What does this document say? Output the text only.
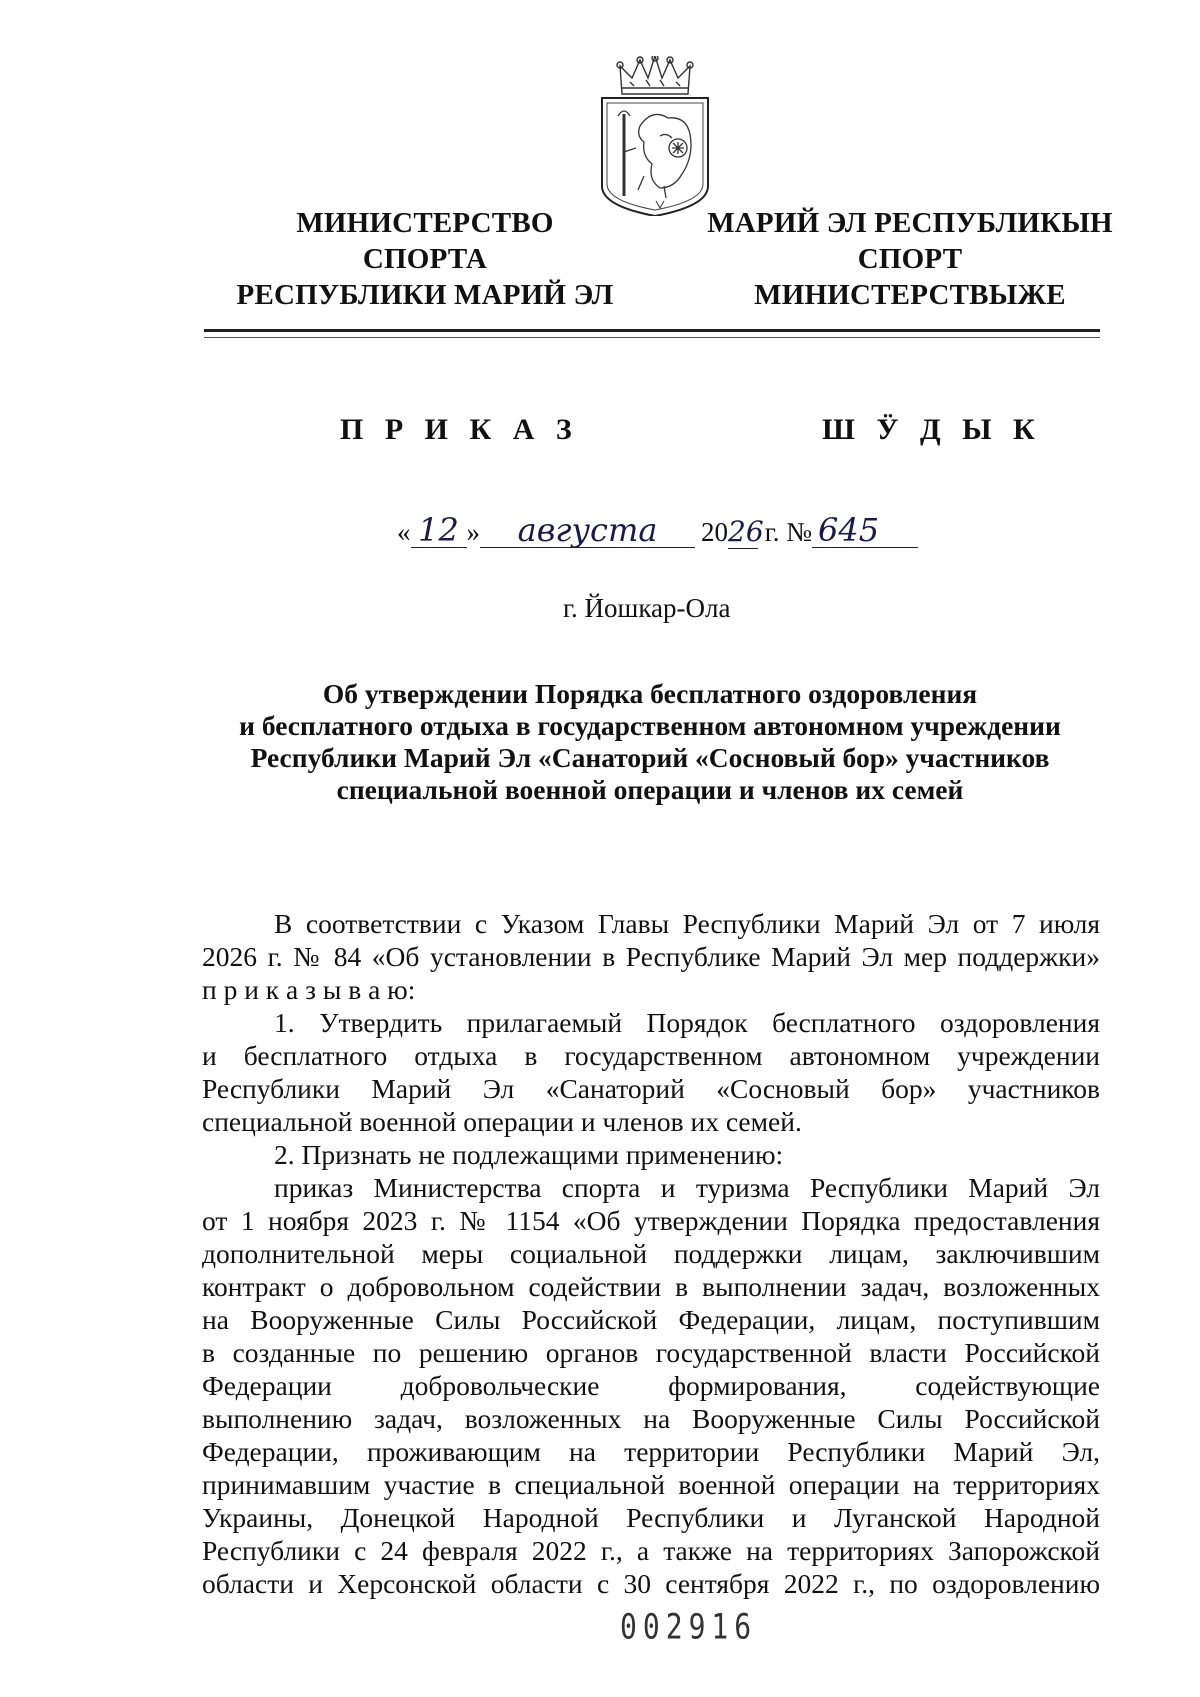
МИНИСТЕРСТВО
СПОРТА
РЕСПУБЛИКИ МАРИЙ ЭЛ
МАРИЙ ЭЛ РЕСПУБЛИКЫН
СПОРТ
МИНИСТЕРСТВЫЖЕ
П Р И К А З	Ш Ӱ Д Ы К
« 12 » августа 2026 г. № 645
г. Йошкар-Ола
Об утверждении Порядка бесплатного оздоровления
и бесплатного отдыха в государственном автономном учреждении
Республики Марий Эл «Санаторий «Сосновый бор» участников
специальной военной операции и членов их семей
В соответствии с Указом Главы Республики Марий Эл от 7 июля
2026 г. № 84 «Об установлении в Республике Марий Эл мер поддержки»
п р и к а з ы в а ю:
1. Утвердить прилагаемый Порядок бесплатного оздоровления
и бесплатного отдыха в государственном автономном учреждении
Республики Марий Эл «Санаторий «Сосновый бор» участников
специальной военной операции и членов их семей.
2. Признать не подлежащими применению:
приказ Министерства спорта и туризма Республики Марий Эл
от 1 ноября 2023 г. № 1154 «Об утверждении Порядка предоставления
дополнительной меры социальной поддержки лицам, заключившим
контракт о добровольном содействии в выполнении задач, возложенных
на Вооруженные Силы Российской Федерации, лицам, поступившим
в созданные по решению органов государственной власти Российской
Федерации добровольческие формирования, содействующие
выполнению задач, возложенных на Вооруженные Силы Российской
Федерации, проживающим на территории Республики Марий Эл,
принимавшим участие в специальной военной операции на территориях
Украины, Донецкой Народной Республики и Луганской Народной
Республики с 24 февраля 2022 г., а также на территориях Запорожской
области и Херсонской области с 30 сентября 2022 г., по оздоровлению
002916
